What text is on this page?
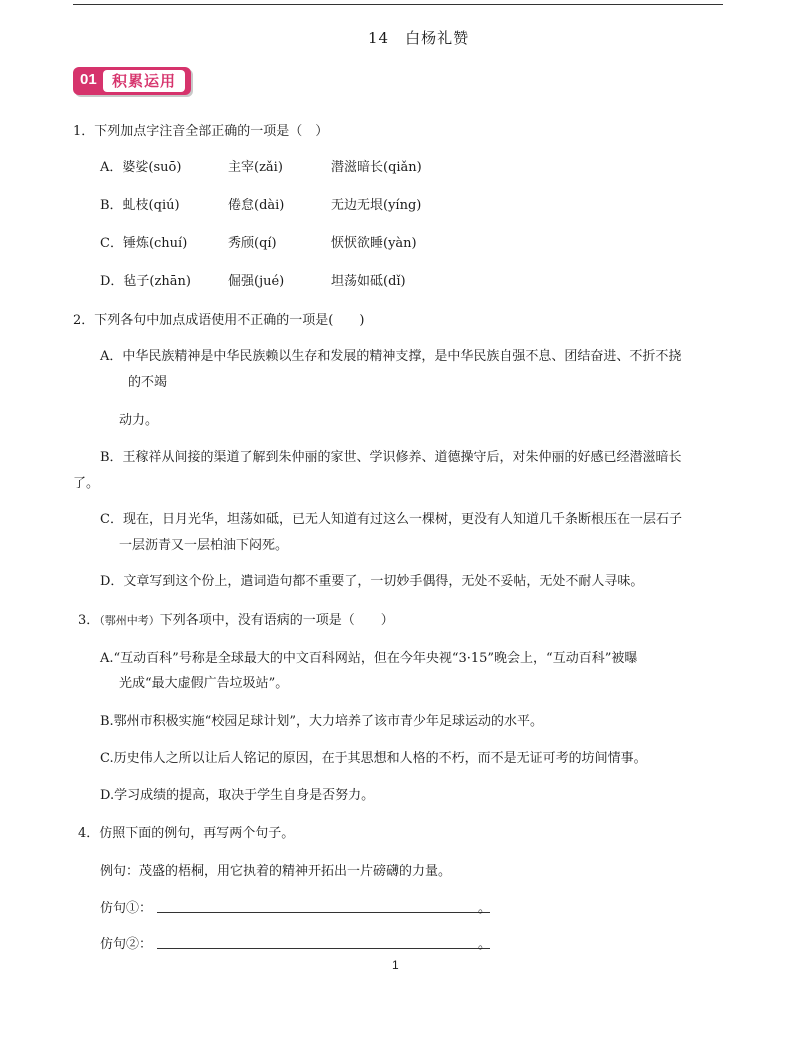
14　白杨礼赞
01	积累运用
1．下列加点字注音全部正确的一项是（　）
A．婆娑(suō)	主宰(zǎi)	潜滋暗长(qiǎn)
B．虬枝(qiú)	倦怠(dài)	无边无垠(yíng)
C．锤炼(chuí)	秀颀(qí)	恹恹欲睡(yàn)
D．毡子(zhān)	倔强(jué)	坦荡如砥(dǐ)
2．下列各句中加点成语使用不正确的一项是(　　)
A．中华民族精神是中华民族赖以生存和发展的精神支撑，是中华民族自强不息、团结奋进、不折不挠
的不竭
动力。
B．王稼祥从间接的渠道了解到朱仲丽的家世、学识修养、道德操守后，对朱仲丽的好感已经潜滋暗长
了。
C．现在，日月光华，坦荡如砥，已无人知道有过这么一棵树，更没有人知道几千条断根压在一层石子
一层沥青又一层柏油下闷死。
D．文章写到这个份上，遣词造句都不重要了，一切妙手偶得，无处不妥帖，无处不耐人寻味。
3．（鄂州中考）下列各项中，没有语病的一项是（　　）
A.“互动百科”号称是全球最大的中文百科网站，但在今年央视“3·15”晚会上，“互动百科”被曝
光成“最大虚假广告垃圾站”。
B.鄂州市积极实施“校园足球计划”，大力培养了该市青少年足球运动的水平。
C.历史伟人之所以让后人铭记的原因，在于其思想和人格的不朽，而不是无证可考的坊间情事。
D.学习成绩的提高，取决于学生自身是否努力。
4．仿照下面的例句，再写两个句子。
例句：茂盛的梧桐，用它执着的精神开拓出一片磅礴的力量。
仿句①：	。
仿句②：	。
1
